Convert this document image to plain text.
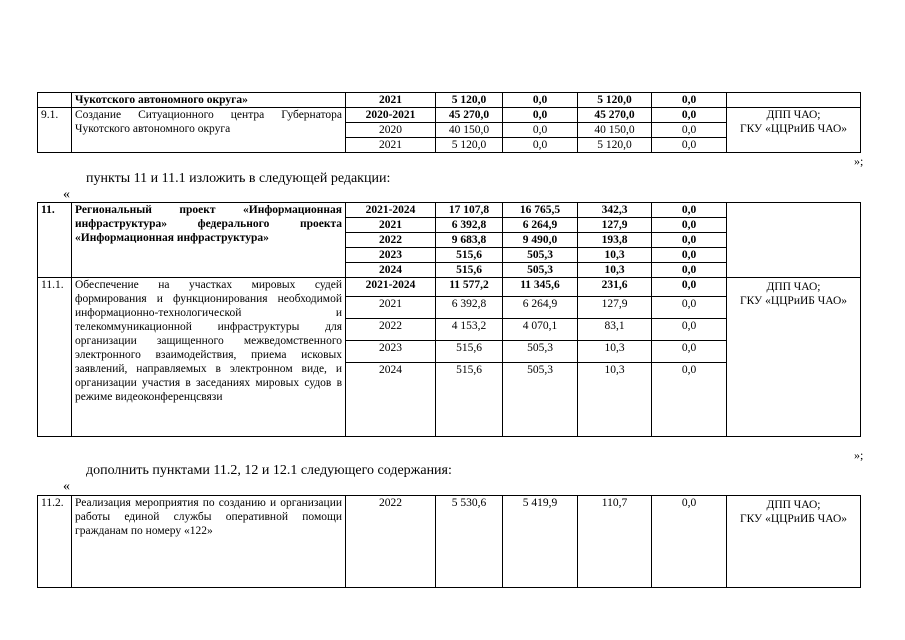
	Чукотского автономного округа»	2021	5 120,0	0,0	5 120,0	0,0	
9.1.	Создание Ситуационного центра Губернатора Чукотского автономного округа	2020-2021	45 270,0	0,0	45 270,0	0,0	ДПП ЧАО;
ГКУ «ЦЦРиИБ ЧАО»

		2020	40 150,0	0,0	40 150,0	0,0	
		2021	5 120,0	0,0	5 120,0	0,0	
»;
пункты 11 и 11.1 изложить в следующей редакции:
«
11.	Региональный проект «Информационная инфраструктура» федерального проекта «Информационная инфраструктура»	2021-2024	17 107,8	16 765,5	342,3	0,0	
		2021	6 392,8	6 264,9	127,9	0,0	
		2022	9 683,8	9 490,0	193,8	0,0	
		2023	515,6	505,3	10,3	0,0	
		2024	515,6	505,3	10,3	0,0	
11.1.	Обеспечение на участках мировых судей формирования и функционирования необходимой информационно-технологической и телекоммуникационной инфраструктуры для организации защищенного межведомственного электронного взаимодействия, приема исковых заявлений, направляемых в электронном виде, и организации участия в заседаниях мировых судов в режиме видеоконференцсвязи	2021-2024	11 577,2	11 345,6	231,6	0,0	ДПП ЧАО;
ГКУ «ЦЦРиИБ ЧАО»

		2021	6 392,8	6 264,9	127,9	0,0	
		2022	4 153,2	4 070,1	83,1	0,0	
		2023	515,6	505,3	10,3	0,0	
		2024	515,6	505,3	10,3	0,0	
»;
дополнить пунктами 11.2, 12 и 12.1 следующего содержания:
«
11.2.	Реализация мероприятия по созданию и организации работы единой службы оперативной помощи гражданам по номеру «122»	2022	5 530,6	5 419,9	110,7	0,0	ДПП ЧАО;
ГКУ «ЦЦРиИБ ЧАО»
